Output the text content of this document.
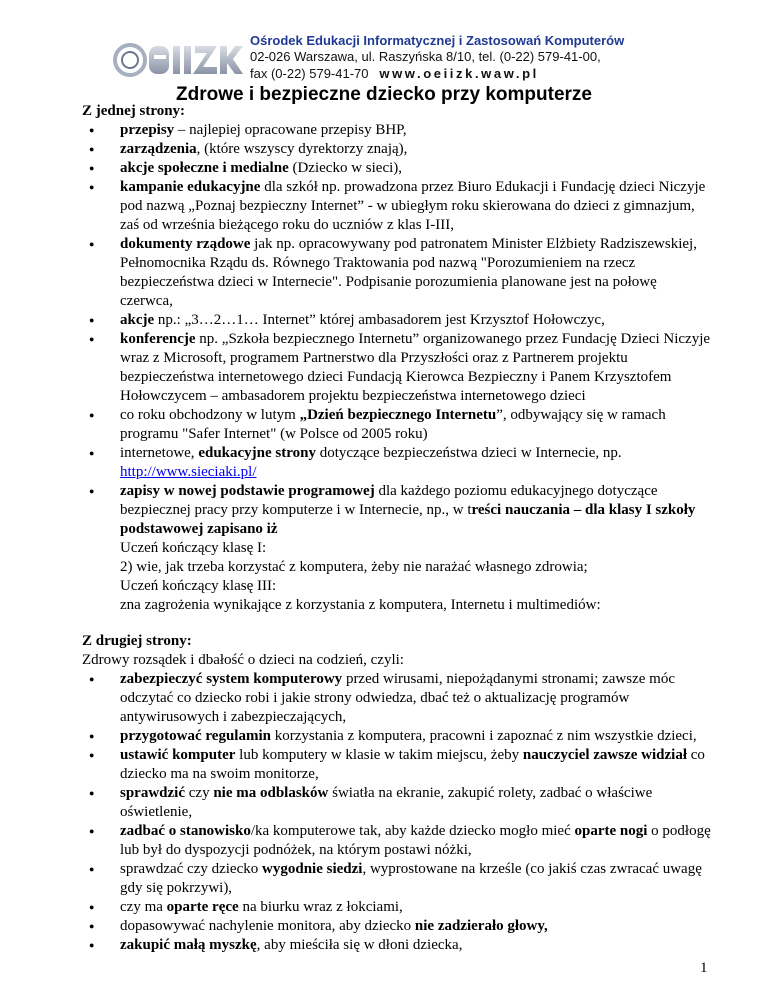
Ośrodek Edukacji Informatycznej i Zastosowań Komputerów
02-026 Warszawa, ul. Raszyńska 8/10, tel. (0-22) 579-41-00,
fax (0-22) 579-41-70 www.oeiizk.waw.pl
Zdrowe i bezpieczne dziecko przy komputerze
Z jednej strony:
● przepisy – najlepiej opracowane przepisy BHP,
● zarządzenia, (które wszyscy dyrektorzy znają),
● akcje społeczne i medialne (Dziecko w sieci),
● kampanie edukacyjne dla szkół np. prowadzona przez Biuro Edukacji i Fundację dzieci Niczyje pod nazwą „Poznaj bezpieczny Internet” - w ubiegłym roku skierowana do dzieci z gimnazjum, zaś od września bieżącego roku do uczniów z klas I-III,
● dokumenty rządowe jak np. opracowywany pod patronatem Minister Elżbiety Radziszewskiej, Pełnomocnika Rządu ds. Równego Traktowania pod nazwą "Porozumieniem na rzecz bezpieczeństwa dzieci w Internecie". Podpisanie porozumienia planowane jest na połowę czerwca,
● akcje np.: „3…2…1… Internet” której ambasadorem jest Krzysztof Hołowczyc,
● konferencje np. „Szkoła bezpiecznego Internetu” organizowanego przez Fundację Dzieci Niczyje wraz z Microsoft, programem Partnerstwo dla Przyszłości oraz z Partnerem projektu bezpieczeństwa internetowego dzieci Fundacją Kierowca Bezpieczny i Panem Krzysztofem Hołowczycem – ambasadorem projektu bezpieczeństwa internetowego dzieci
● co roku obchodzony w lutym „Dzień bezpiecznego Internetu”, odbywający się w ramach programu "Safer Internet" (w Polsce od 2005 roku)
● internetowe, edukacyjne strony dotyczące bezpieczeństwa dzieci w Internecie, np.
http://www.sieciaki.pl/
● zapisy w nowej podstawie programowej dla każdego poziomu edukacyjnego dotyczące bezpiecznej pracy przy komputerze i w Internecie, np., w treści nauczania – dla klasy I szkoły podstawowej zapisano iż
Uczeń kończący klasę I:
2) wie, jak trzeba korzystać z komputera, żeby nie narażać własnego zdrowia;
Uczeń kończący klasę III:
zna zagrożenia wynikające z korzystania z komputera, Internetu i multimediów:
Z drugiej strony:
Zdrowy rozsądek i dbałość o dzieci na codzień, czyli:
● zabezpieczyć system komputerowy przed wirusami, niepożądanymi stronami; zawsze móc odczytać co dziecko robi i jakie strony odwiedza, dbać też o aktualizację programów antywirusowych i zabezpieczających,
● przygotować regulamin korzystania z komputera, pracowni i zapoznać z nim wszystkie dzieci,
● ustawić komputer lub komputery w klasie w takim miejscu, żeby nauczyciel zawsze widział co dziecko ma na swoim monitorze,
● sprawdzić czy nie ma odblasków światła na ekranie, zakupić rolety, zadbać o właściwe oświetlenie,
● zadbać o stanowisko/ka komputerowe tak, aby każde dziecko mogło mieć oparte nogi o podłogę lub był do dyspozycji podnóżek, na którym postawi nóżki,
● sprawdzać czy dziecko wygodnie siedzi, wyprostowane na krześle (co jakiś czas zwracać uwagę gdy się pokrzywi),
● czy ma oparte ręce na biurku wraz z łokciami,
● dopasowywać nachylenie monitora, aby dziecko nie zadzierało głowy,
● zakupić małą myszkę, aby mieściła się w dłoni dziecka,
1
